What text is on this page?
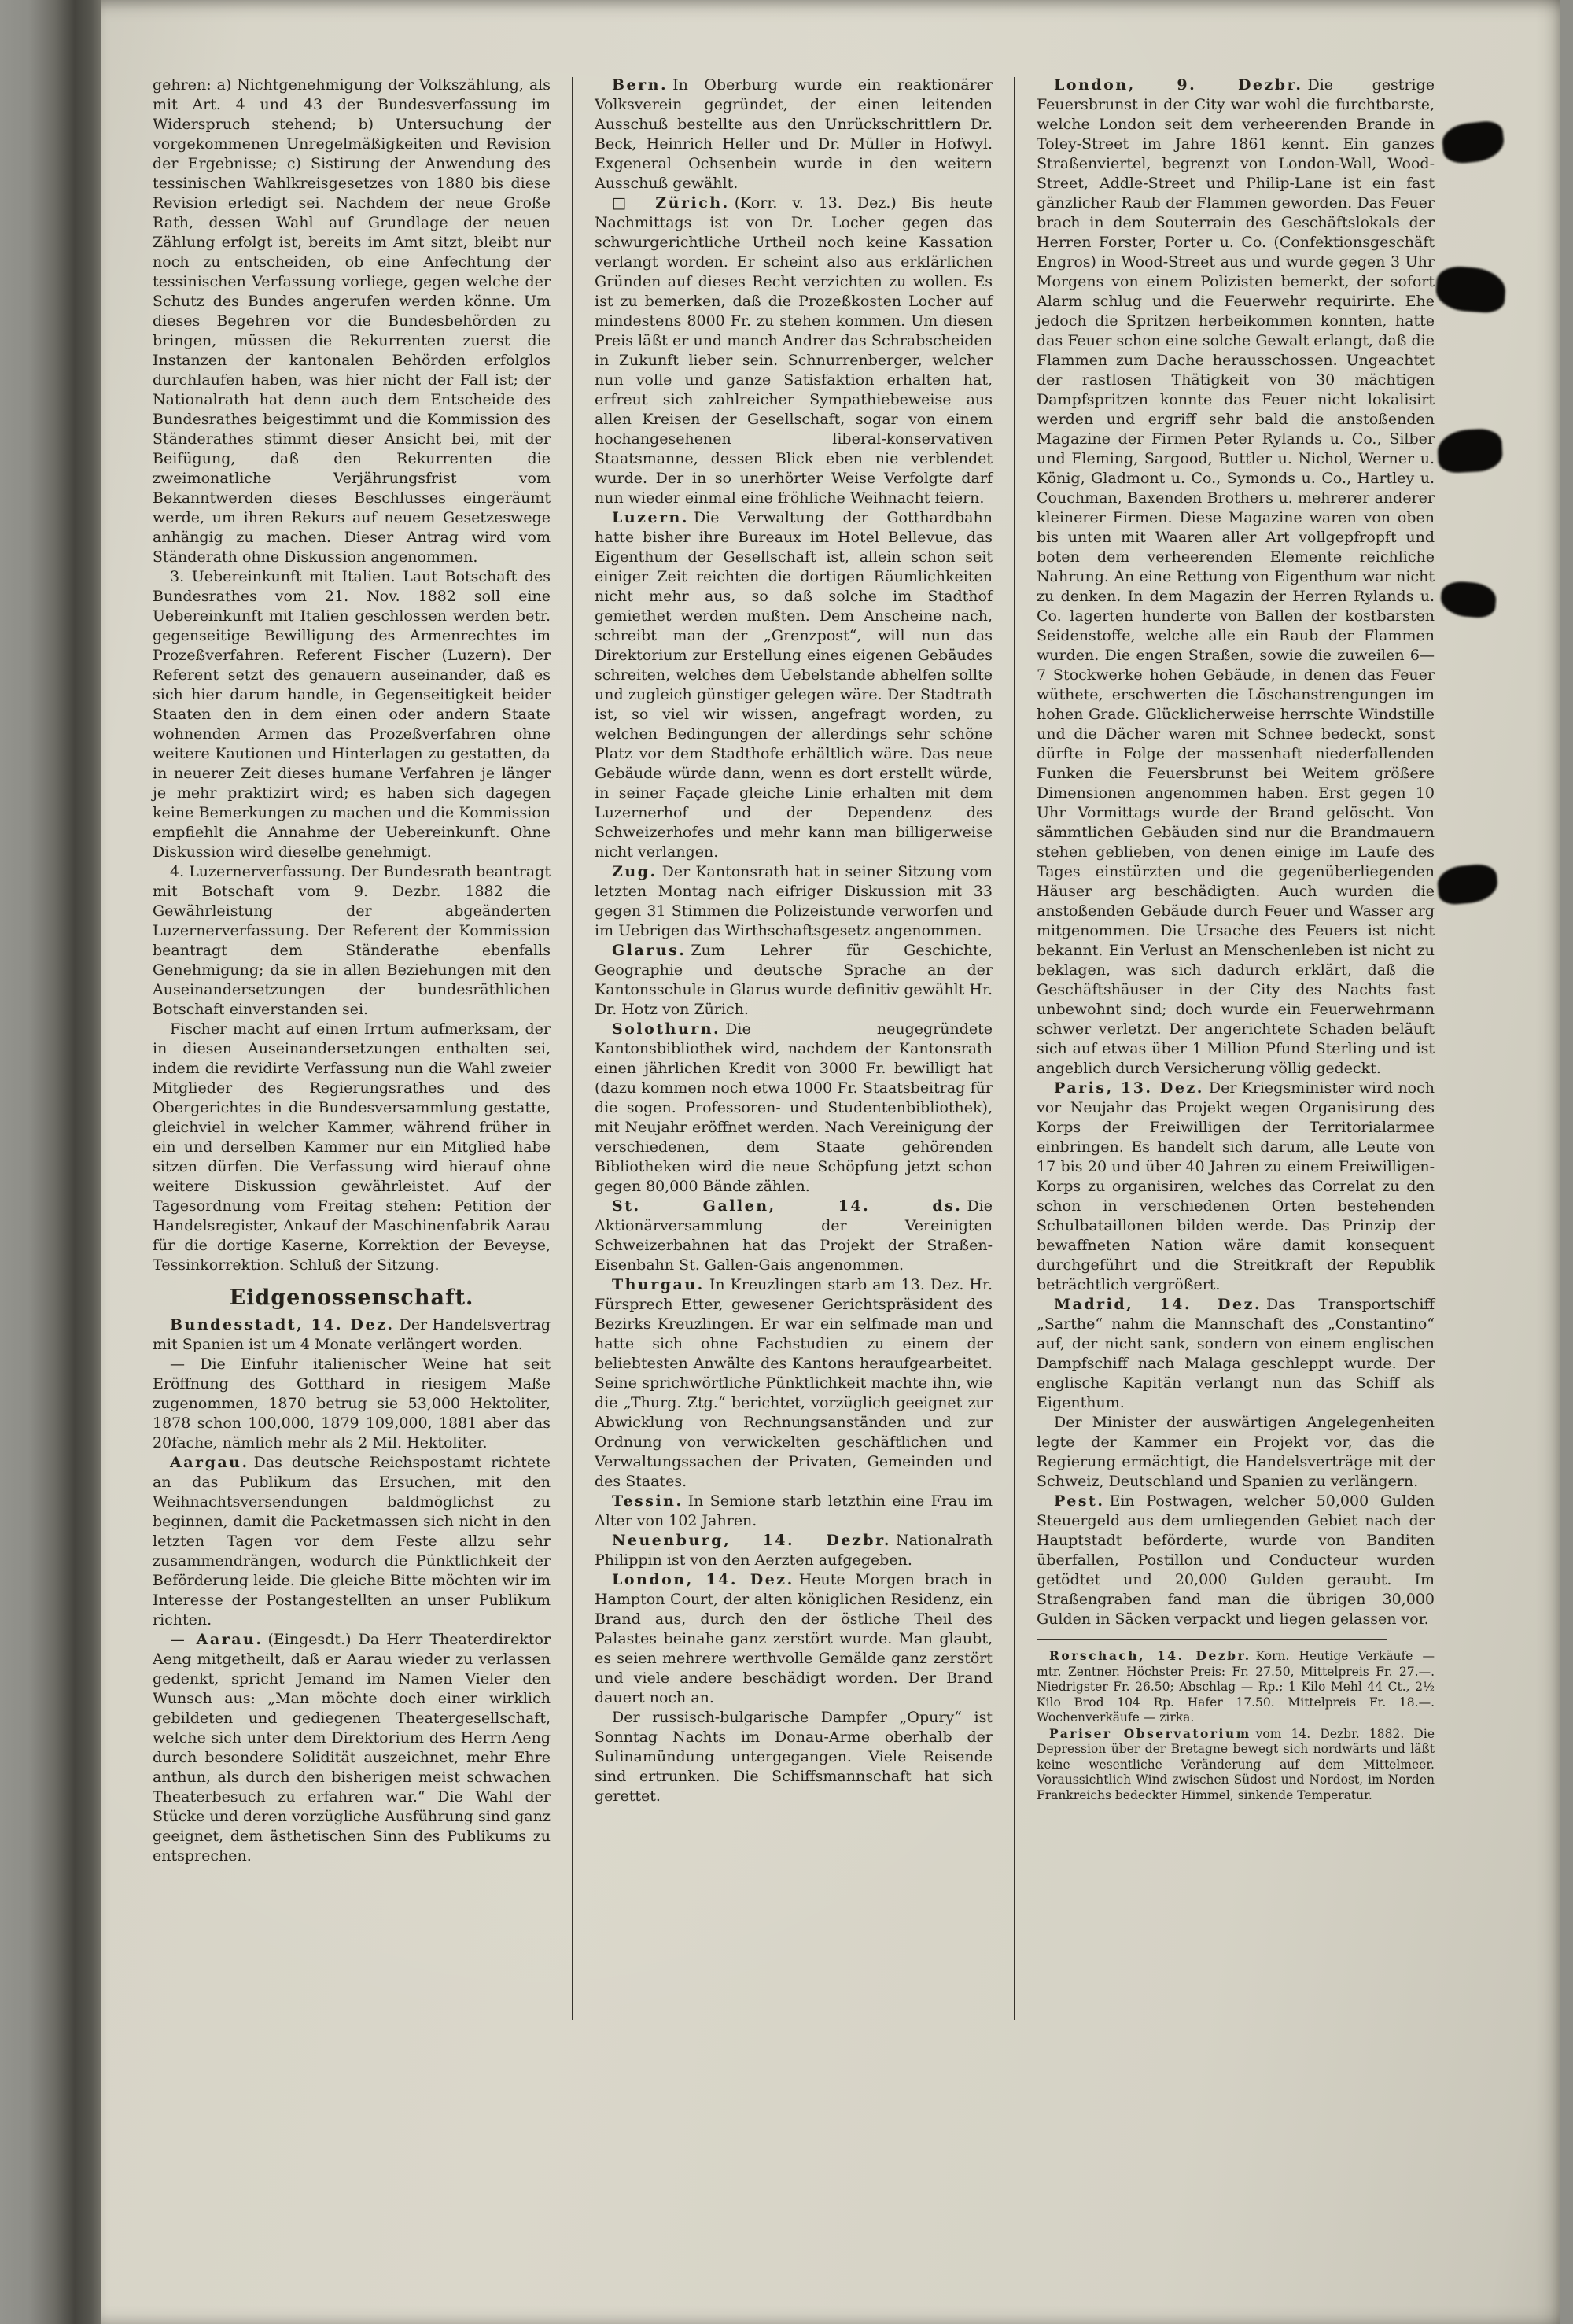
gehren: a) Nichtgenehmigung der Volkszählung, als mit Art. 4 und 43 der Bundesverfassung im Widerspruch stehend; b) Untersuchung der vorgekommenen Unregelmäßigkeiten und Revision der Ergebnisse; c) Sistirung der Anwendung des tessinischen Wahlkreisgesetzes von 1880 bis diese Revision erledigt sei. Nachdem der neue Große Rath, dessen Wahl auf Grundlage der neuen Zählung erfolgt ist, bereits im Amt sitzt, bleibt nur noch zu entscheiden, ob eine Anfechtung der tessinischen Verfassung vorliege, gegen welche der Schutz des Bundes angerufen werden könne. Um dieses Begehren vor die Bundesbehörden zu bringen, müssen die Rekurrenten zuerst die Instanzen der kantonalen Behörden erfolglos durchlaufen haben, was hier nicht der Fall ist; der Nationalrath hat denn auch dem Entscheide des Bundesrathes beigestimmt und die Kommission des Ständerathes stimmt dieser Ansicht bei, mit der Beifügung, daß den Rekurrenten die zweimonatliche Verjährungsfrist vom Bekanntwerden dieses Beschlusses eingeräumt werde, um ihren Rekurs auf neuem Gesetzeswege anhängig zu machen. Dieser Antrag wird vom Ständerath ohne Diskussion angenommen.

3. Uebereinkunft mit Italien. Laut Botschaft des Bundesrathes vom 21. Nov. 1882 soll eine Uebereinkunft mit Italien geschlossen werden betr. gegenseitige Bewilligung des Armenrechtes im Prozeßverfahren. Referent Fischer (Luzern). Der Referent setzt des genauern auseinander, daß es sich hier darum handle, in Gegenseitigkeit beider Staaten den in dem einen oder andern Staate wohnenden Armen das Prozeßverfahren ohne weitere Kautionen und Hinterlagen zu gestatten, da in neuerer Zeit dieses humane Verfahren je länger je mehr praktizirt wird; es haben sich dagegen keine Bemerkungen zu machen und die Kommission empfiehlt die Annahme der Uebereinkunft. Ohne Diskussion wird dieselbe genehmigt.

4. Luzernerverfassung. Der Bundesrath beantragt mit Botschaft vom 9. Dezbr. 1882 die Gewährleistung der abgeänderten Luzernerverfassung. Der Referent der Kommission beantragt dem Ständerathe ebenfalls Genehmigung; da sie in allen Beziehungen mit den Auseinandersetzungen der bundesräthlichen Botschaft einverstanden sei.

Fischer macht auf einen Irrtum aufmerksam, der in diesen Auseinandersetzungen enthalten sei, indem die revidirte Verfassung nun die Wahl zweier Mitglieder des Regierungsrathes und des Obergerichtes in die Bundesversammlung gestatte, gleichviel in welcher Kammer, während früher in ein und derselben Kammer nur ein Mitglied habe sitzen dürfen. Die Verfassung wird hierauf ohne weitere Diskussion gewährleistet. Auf der Tagesordnung vom Freitag stehen: Petition der Handelsregister, Ankauf der Maschinenfabrik Aarau für die dortige Kaserne, Korrektion der Beveyse, Tessinkorrektion. Schluß der Sitzung.

Eidgenossenschaft.

Bundesstadt, 14. Dez. Der Handelsvertrag mit Spanien ist um 4 Monate verlängert worden.

— Die Einfuhr italienischer Weine hat seit Eröffnung des Gotthard in riesigem Maße zugenommen, 1870 betrug sie 53,000 Hektoliter, 1878 schon 100,000, 1879 109,000, 1881 aber das 20fache, nämlich mehr als 2 Mil. Hektoliter.

Aargau. Das deutsche Reichspostamt richtete an das Publikum das Ersuchen, mit den Weihnachtsversendungen baldmöglichst zu beginnen, damit die Packetmassen sich nicht in den letzten Tagen vor dem Feste allzu sehr zusammendrängen, wodurch die Pünktlichkeit der Beförderung leide. Die gleiche Bitte möchten wir im Interesse der Postangestellten an unser Publikum richten.

— Aarau. (Eingesdt.) Da Herr Theaterdirektor Aeng mitgetheilt, daß er Aarau wieder zu verlassen gedenkt, spricht Jemand im Namen Vieler den Wunsch aus: „Man möchte doch einer wirklich gebildeten und gediegenen Theatergesellschaft, welche sich unter dem Direktorium des Herrn Aeng durch besondere Solidität auszeichnet, mehr Ehre anthun, als durch den bisherigen meist schwachen Theaterbesuch zu erfahren war.“ Die Wahl der Stücke und deren vorzügliche Ausführung sind ganz geeignet, dem ästhetischen Sinn des Publikums zu entsprechen.

Bern. In Oberburg wurde ein reaktionärer Volksverein gegründet, der einen leitenden Ausschuß bestellte aus den Unrückschrittlern Dr. Beck, Heinrich Heller und Dr. Müller in Hofwyl. Exgeneral Ochsenbein wurde in den weitern Ausschuß gewählt.

□ Zürich. (Korr. v. 13. Dez.) Bis heute Nachmittags ist von Dr. Locher gegen das schwurgerichtliche Urtheil noch keine Kassation verlangt worden. Er scheint also aus erklärlichen Gründen auf dieses Recht verzichten zu wollen. Es ist zu bemerken, daß die Prozeßkosten Locher auf mindestens 8000 Fr. zu stehen kommen. Um diesen Preis läßt er und manch Andrer das Schrabscheiden in Zukunft lieber sein. Schnurrenberger, welcher nun volle und ganze Satisfaktion erhalten hat, erfreut sich zahlreicher Sympathiebeweise aus allen Kreisen der Gesellschaft, sogar von einem hochangesehenen liberal-konservativen Staatsmanne, dessen Blick eben nie verblendet wurde. Der in so unerhörter Weise Verfolgte darf nun wieder einmal eine fröhliche Weihnacht feiern.

Luzern. Die Verwaltung der Gotthardbahn hatte bisher ihre Bureaux im Hotel Bellevue, das Eigenthum der Gesellschaft ist, allein schon seit einiger Zeit reichten die dortigen Räumlichkeiten nicht mehr aus, so daß solche im Stadthof gemiethet werden mußten. Dem Anscheine nach, schreibt man der „Grenzpost“, will nun das Direktorium zur Erstellung eines eigenen Gebäudes schreiten, welches dem Uebelstande abhelfen sollte und zugleich günstiger gelegen wäre. Der Stadtrath ist, so viel wir wissen, angefragt worden, zu welchen Bedingungen der allerdings sehr schöne Platz vor dem Stadthofe erhältlich wäre. Das neue Gebäude würde dann, wenn es dort erstellt würde, in seiner Façade gleiche Linie erhalten mit dem Luzernerhof und der Dependenz des Schweizerhofes und mehr kann man billigerweise nicht verlangen.

Zug. Der Kantonsrath hat in seiner Sitzung vom letzten Montag nach eifriger Diskussion mit 33 gegen 31 Stimmen die Polizeistunde verworfen und im Uebrigen das Wirthschaftsgesetz angenommen.

Glarus. Zum Lehrer für Geschichte, Geographie und deutsche Sprache an der Kantonsschule in Glarus wurde definitiv gewählt Hr. Dr. Hotz von Zürich.

Solothurn. Die neugegründete Kantonsbibliothek wird, nachdem der Kantonsrath einen jährlichen Kredit von 3000 Fr. bewilligt hat (dazu kommen noch etwa 1000 Fr. Staatsbeitrag für die sogen. Professoren- und Studentenbibliothek), mit Neujahr eröffnet werden. Nach Vereinigung der verschiedenen, dem Staate gehörenden Bibliotheken wird die neue Schöpfung jetzt schon gegen 80,000 Bände zählen.

St. Gallen, 14. ds. Die Aktionärversammlung der Vereinigten Schweizerbahnen hat das Projekt der Straßen-Eisenbahn St. Gallen-Gais angenommen.

Thurgau. In Kreuzlingen starb am 13. Dez. Hr. Fürsprech Etter, gewesener Gerichtspräsident des Bezirks Kreuzlingen. Er war ein selfmade man und hatte sich ohne Fachstudien zu einem der beliebtesten Anwälte des Kantons heraufgearbeitet. Seine sprichwörtliche Pünktlichkeit machte ihn, wie die „Thurg. Ztg.“ berichtet, vorzüglich geeignet zur Abwicklung von Rechnungsanständen und zur Ordnung von verwickelten geschäftlichen und Verwaltungssachen der Privaten, Gemeinden und des Staates.

Tessin. In Semione starb letzthin eine Frau im Alter von 102 Jahren.

Neuenburg, 14. Dezbr. Nationalrath Philippin ist von den Aerzten aufgegeben.

London, 14. Dez. Heute Morgen brach in Hampton Court, der alten königlichen Residenz, ein Brand aus, durch den der östliche Theil des Palastes beinahe ganz zerstört wurde. Man glaubt, es seien mehrere werthvolle Gemälde ganz zerstört und viele andere beschädigt worden. Der Brand dauert noch an.

Der russisch-bulgarische Dampfer „Opury“ ist Sonntag Nachts im Donau-Arme oberhalb der Sulinamündung untergegangen. Viele Reisende sind ertrunken. Die Schiffsmannschaft hat sich gerettet.

London, 9. Dezbr. Die gestrige Feuersbrunst in der City war wohl die furchtbarste, welche London seit dem verheerenden Brande in Toley-Street im Jahre 1861 kennt. Ein ganzes Straßenviertel, begrenzt von London-Wall, Wood-Street, Addle-Street und Philip-Lane ist ein fast gänzlicher Raub der Flammen geworden. Das Feuer brach in dem Souterrain des Geschäftslokals der Herren Forster, Porter u. Co. (Confektionsgeschäft Engros) in Wood-Street aus und wurde gegen 3 Uhr Morgens von einem Polizisten bemerkt, der sofort Alarm schlug und die Feuerwehr requirirte. Ehe jedoch die Spritzen herbeikommen konnten, hatte das Feuer schon eine solche Gewalt erlangt, daß die Flammen zum Dache herausschossen. Ungeachtet der rastlosen Thätigkeit von 30 mächtigen Dampfspritzen konnte das Feuer nicht lokalisirt werden und ergriff sehr bald die anstoßenden Magazine der Firmen Peter Rylands u. Co., Silber und Fleming, Sargood, Buttler u. Nichol, Werner u. König, Gladmont u. Co., Symonds u. Co., Hartley u. Couchman, Baxenden Brothers u. mehrerer anderer kleinerer Firmen. Diese Magazine waren von oben bis unten mit Waaren aller Art vollgepfropft und boten dem verheerenden Elemente reichliche Nahrung. An eine Rettung von Eigenthum war nicht zu denken. In dem Magazin der Herren Rylands u. Co. lagerten hunderte von Ballen der kostbarsten Seidenstoffe, welche alle ein Raub der Flammen wurden. Die engen Straßen, sowie die zuweilen 6—7 Stockwerke hohen Gebäude, in denen das Feuer wüthete, erschwerten die Löschanstrengungen im hohen Grade. Glücklicherweise herrschte Windstille und die Dächer waren mit Schnee bedeckt, sonst dürfte in Folge der massenhaft niederfallenden Funken die Feuersbrunst bei Weitem größere Dimensionen angenommen haben. Erst gegen 10 Uhr Vormittags wurde der Brand gelöscht. Von sämmtlichen Gebäuden sind nur die Brandmauern stehen geblieben, von denen einige im Laufe des Tages einstürzten und die gegenüberliegenden Häuser arg beschädigten. Auch wurden die anstoßenden Gebäude durch Feuer und Wasser arg mitgenommen. Die Ursache des Feuers ist nicht bekannt. Ein Verlust an Menschenleben ist nicht zu beklagen, was sich dadurch erklärt, daß die Geschäftshäuser in der City des Nachts fast unbewohnt sind; doch wurde ein Feuerwehrmann schwer verletzt. Der angerichtete Schaden beläuft sich auf etwas über 1 Million Pfund Sterling und ist angeblich durch Versicherung völlig gedeckt.

Paris, 13. Dez. Der Kriegsminister wird noch vor Neujahr das Projekt wegen Organisirung des Korps der Freiwilligen der Territorialarmee einbringen. Es handelt sich darum, alle Leute von 17 bis 20 und über 40 Jahren zu einem Freiwilligen-Korps zu organisiren, welches das Correlat zu den schon in verschiedenen Orten bestehenden Schulbataillonen bilden werde. Das Prinzip der bewaffneten Nation wäre damit konsequent durchgeführt und die Streitkraft der Republik beträchtlich vergrößert.

Madrid, 14. Dez. Das Transportschiff „Sarthe“ nahm die Mannschaft des „Constantino“ auf, der nicht sank, sondern von einem englischen Dampfschiff nach Malaga geschleppt wurde. Der englische Kapitän verlangt nun das Schiff als Eigenthum.

Der Minister der auswärtigen Angelegenheiten legte der Kammer ein Projekt vor, das die Regierung ermächtigt, die Handelsverträge mit der Schweiz, Deutschland und Spanien zu verlängern.

Pest. Ein Postwagen, welcher 50,000 Gulden Steuergeld aus dem umliegenden Gebiet nach der Hauptstadt beförderte, wurde von Banditen überfallen, Postillon und Conducteur wurden getödtet und 20,000 Gulden geraubt. Im Straßengraben fand man die übrigen 30,000 Gulden in Säcken verpackt und liegen gelassen vor.

Rorschach, 14. Dezbr. Korn. Heutige Verkäufe — mtr. Zentner. Höchster Preis: Fr. 27.50, Mittelpreis Fr. 27.—. Niedrigster Fr. 26.50; Abschlag — Rp.; 1 Kilo Mehl 44 Ct., 2½ Kilo Brod 104 Rp. Hafer 17.50. Mittelpreis Fr. 18.—. Wochenverkäufe — zirka.

Pariser Observatorium vom 14. Dezbr. 1882. Die Depression über der Bretagne bewegt sich nordwärts und läßt keine wesentliche Veränderung auf dem Mittelmeer. Voraussichtlich Wind zwischen Südost und Nordost, im Norden Frankreichs bedeckter Himmel, sinkende Temperatur.
